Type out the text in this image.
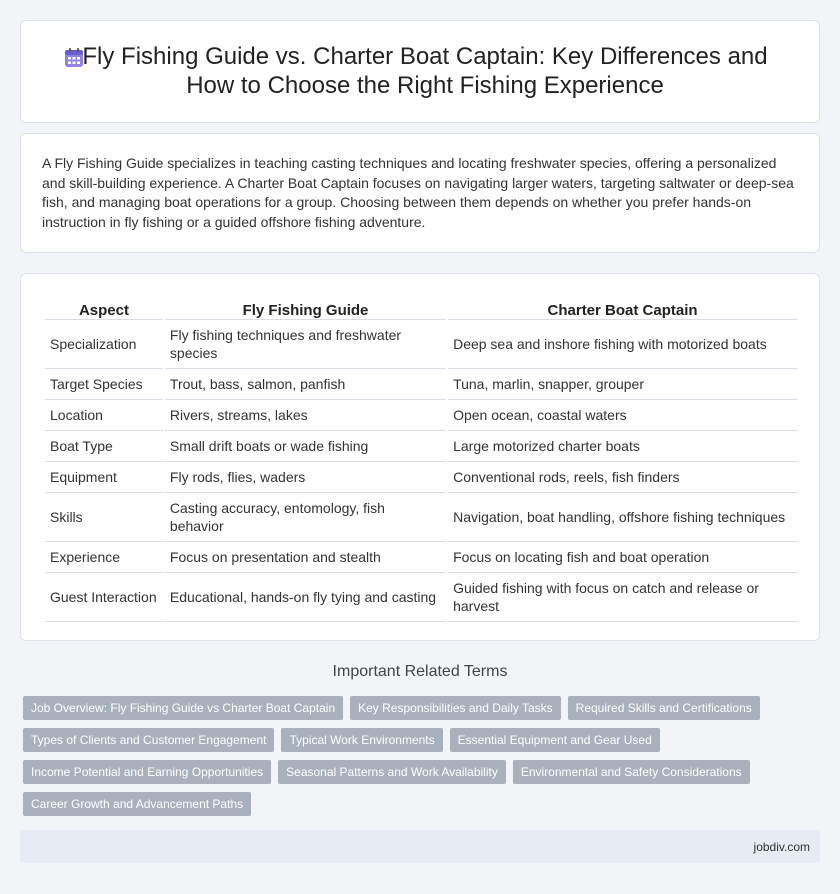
Fly Fishing Guide vs. Charter Boat Captain: Key Differences and How to Choose the Right Fishing Experience

A Fly Fishing Guide specializes in teaching casting techniques and locating freshwater species, offering a personalized and skill-building experience. A Charter Boat Captain focuses on navigating larger waters, targeting saltwater or deep-sea fish, and managing boat operations for a group. Choosing between them depends on whether you prefer hands-on instruction in fly fishing or a guided offshore fishing adventure.

Aspect	Fly Fishing Guide	Charter Boat Captain
Specialization	Fly fishing techniques and freshwater species	Deep sea and inshore fishing with motorized boats
Target Species	Trout, bass, salmon, panfish	Tuna, marlin, snapper, grouper
Location	Rivers, streams, lakes	Open ocean, coastal waters
Boat Type	Small drift boats or wade fishing	Large motorized charter boats
Equipment	Fly rods, flies, waders	Conventional rods, reels, fish finders
Skills	Casting accuracy, entomology, fish behavior	Navigation, boat handling, offshore fishing techniques
Experience	Focus on presentation and stealth	Focus on locating fish and boat operation
Guest Interaction	Educational, hands-on fly tying and casting	Guided fishing with focus on catch and release or harvest
Important Related Terms
Job Overview: Fly Fishing Guide vs Charter Boat Captain	Key Responsibilities and Daily Tasks	Required Skills and Certifications
Types of Clients and Customer Engagement	Typical Work Environments	Essential Equipment and Gear Used
Income Potential and Earning Opportunities	Seasonal Patterns and Work Availability	Environmental and Safety Considerations
Career Growth and Advancement Paths
jobdiv.com
